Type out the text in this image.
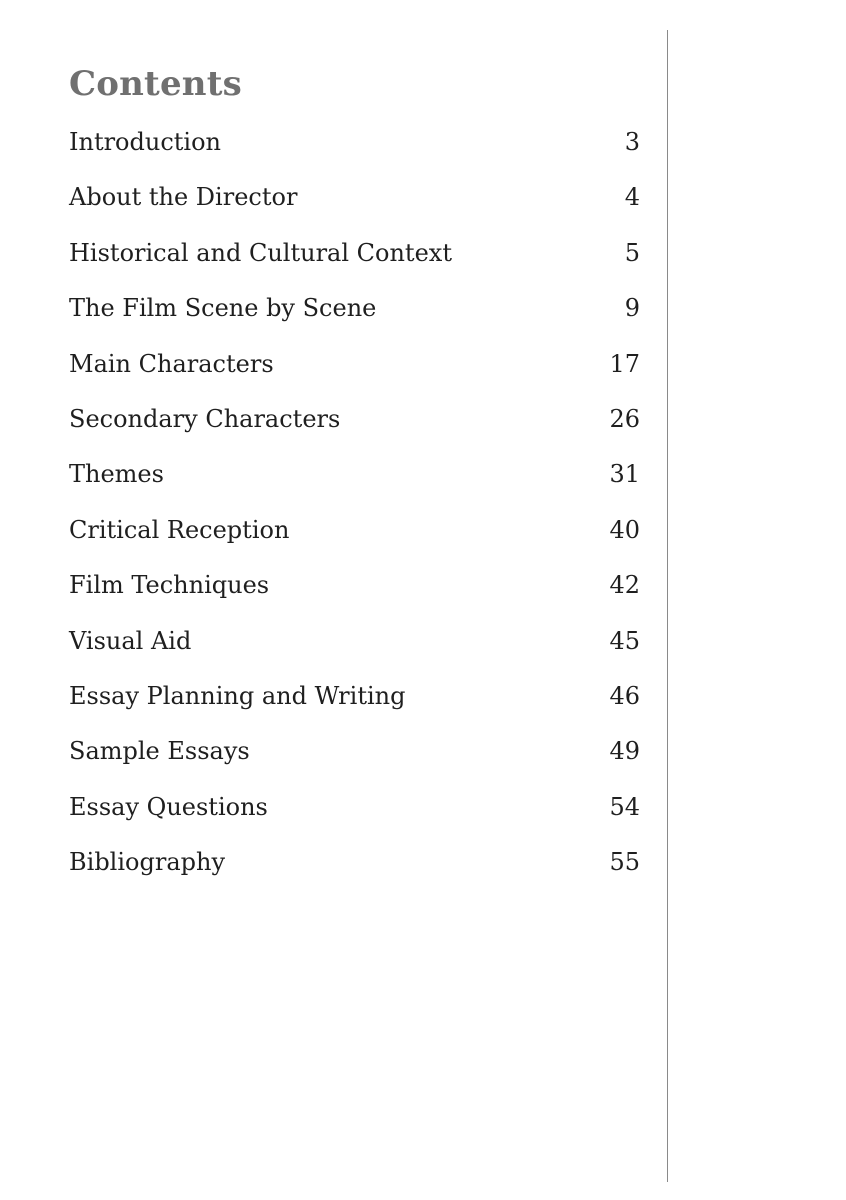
Contents
Introduction	3
About the Director	4
Historical and Cultural Context	5
The Film Scene by Scene	9
Main Characters	17
Secondary Characters	26
Themes	31
Critical Reception	40
Film Techniques	42
Visual Aid	45
Essay Planning and Writing	46
Sample Essays	49
Essay Questions	54
Bibliography	55
